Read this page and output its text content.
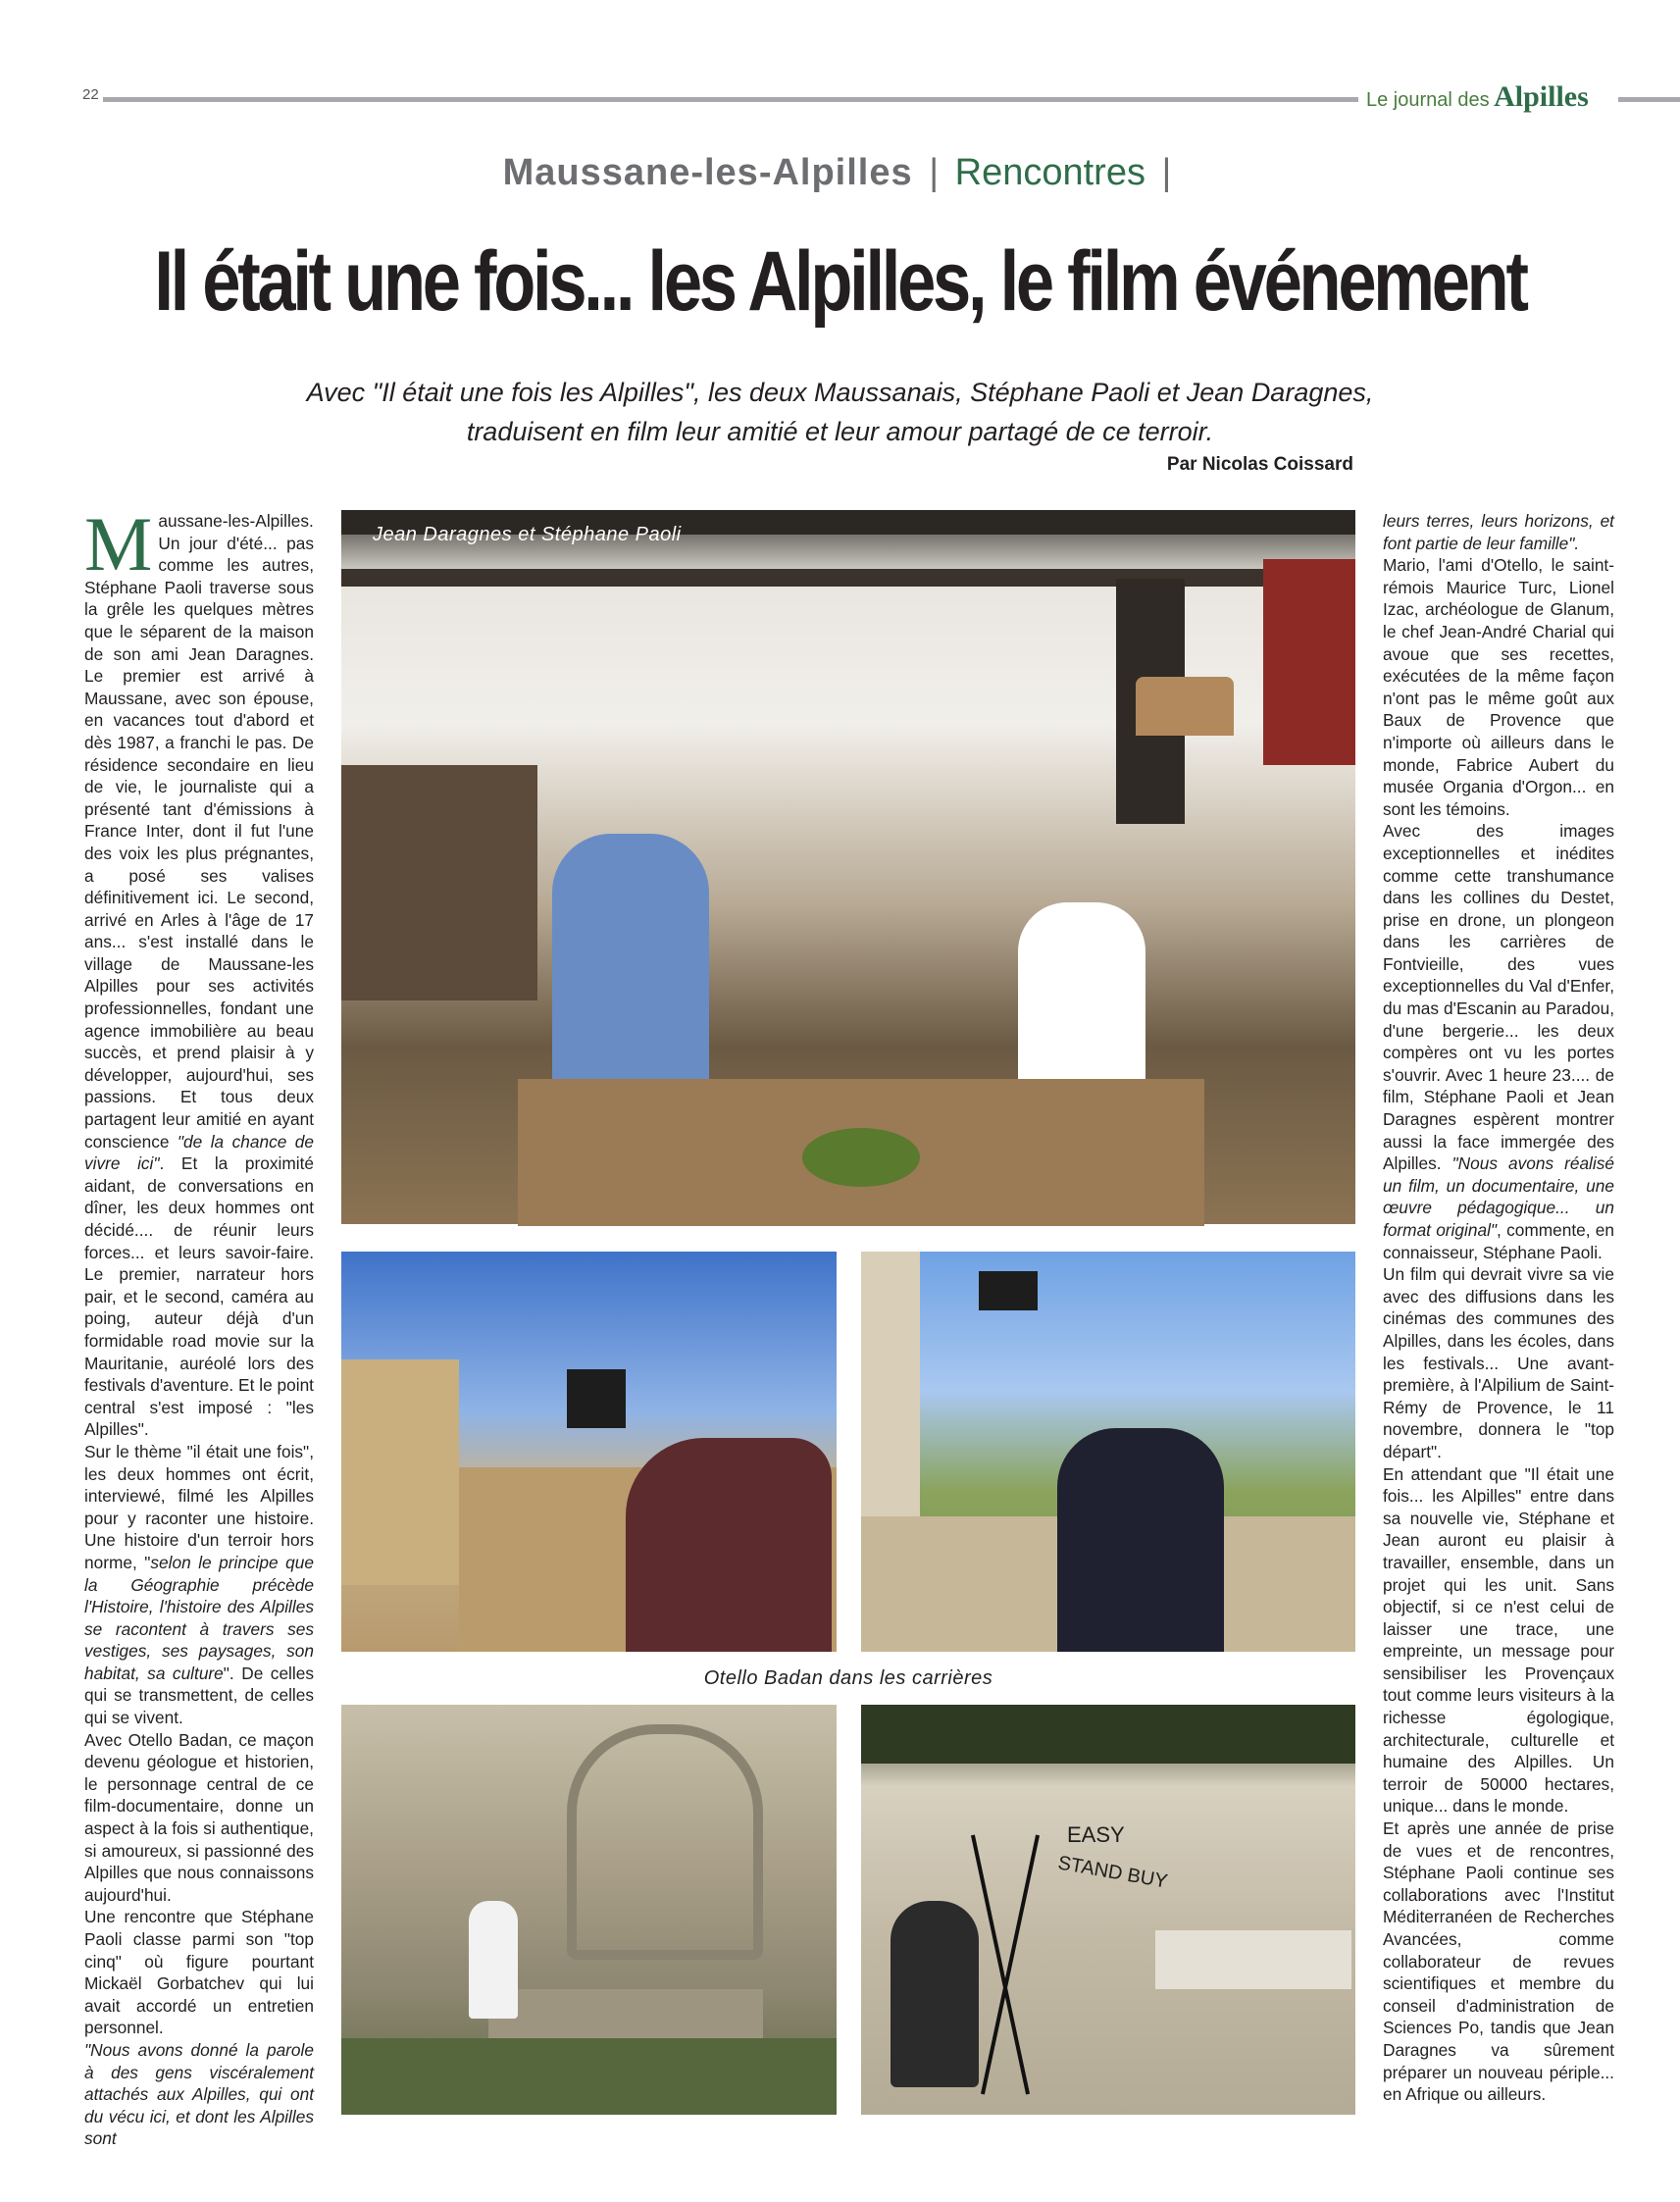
22	Le journal des Alpilles
Maussane-les-Alpilles | Rencontres |
Il était une fois... les Alpilles, le film événement
Avec "Il était une fois les Alpilles", les deux Maussanais, Stéphane Paoli et Jean Daragnes,
traduisent en film leur amitié et leur amour partagé de ce terroir.
Par Nicolas Coissard

Maussane-les-Alpilles. Un jour d'été... pas comme les autres, Stéphane Paoli traverse sous la grêle les quelques mètres que le séparent de la maison de son ami Jean Daragnes. Le premier est arrivé à Maussane, avec son épouse, en vacances tout d'abord et dès 1987, a franchi le pas. De résidence secondaire en lieu de vie, le journaliste qui a présenté tant d'émissions à France Inter, dont il fut l'une des voix les plus prégnantes, a posé ses valises définitivement ici. Le second, arrivé en Arles à l'âge de 17 ans... s'est installé dans le village de Maussane-les Alpilles pour ses activités professionnelles, fondant une agence immobilière au beau succès, et prend plaisir à y développer, aujourd'hui, ses passions. Et tous deux partagent leur amitié en ayant conscience "de la chance de vivre ici". Et la proximité aidant, de conversations en dîner, les deux hommes ont décidé.... de réunir leurs forces... et leurs savoir-faire. Le premier, narrateur hors pair, et le second, caméra au poing, auteur déjà d'un formidable road movie sur la Mauritanie, auréolé lors des festivals d'aventure. Et le point central s'est imposé : "les Alpilles".

Sur le thème "il était une fois", les deux hommes ont écrit, interviewé, filmé les Alpilles pour y raconter une histoire. Une histoire d'un terroir hors norme, "selon le principe que la Géographie précède l'Histoire, l'histoire des Alpilles se racontent à travers ses vestiges, ses paysages, son habitat, sa culture". De celles qui se transmettent, de celles qui se vivent.

Avec Otello Badan, ce maçon devenu géologue et historien, le personnage central de ce film-documentaire, donne un aspect à la fois si authentique, si amoureux, si passionné des Alpilles que nous connaissons aujourd'hui.

Une rencontre que Stéphane Paoli classe parmi son "top cinq" où figure pourtant Mickaël Gorbatchev qui lui avait accordé un entretien personnel.

"Nous avons donné la parole à des gens viscéralement attachés aux Alpilles, qui ont du vécu ici, et dont les Alpilles sont

leurs terres, leurs horizons, et font partie de leur famille".

Mario, l'ami d'Otello, le saint-rémois Maurice Turc, Lionel Izac, archéologue de Glanum, le chef Jean-André Charial qui avoue que ses recettes, exécutées de la même façon n'ont pas le même goût aux Baux de Provence que n'importe où ailleurs dans le monde, Fabrice Aubert du musée Organia d'Orgon... en sont les témoins.

Avec des images exceptionnelles et inédites comme cette transhumance dans les collines du Destet, prise en drone, un plongeon dans les carrières de Fontvieille, des vues exceptionnelles du Val d'Enfer, du mas d'Escanin au Paradou, d'une bergerie... les deux compères ont vu les portes s'ouvrir. Avec 1 heure 23.... de film, Stéphane Paoli et Jean Daragnes espèrent montrer aussi la face immergée des Alpilles. "Nous avons réalisé un film, un documentaire, une œuvre pédagogique... un format original", commente, en connaisseur, Stéphane Paoli.

Un film qui devrait vivre sa vie avec des diffusions dans les cinémas des communes des Alpilles, dans les écoles, dans les festivals... Une avant-première, à l'Alpilium de Saint-Rémy de Provence, le 11 novembre, donnera le "top départ".

En attendant que "Il était une fois... les Alpilles" entre dans sa nouvelle vie, Stéphane et Jean auront eu plaisir à travailler, ensemble, dans un projet qui les unit. Sans objectif, si ce n'est celui de laisser une trace, une empreinte, un message pour sensibiliser les Provençaux tout comme leurs visiteurs à la richesse égologique, architecturale, culturelle et humaine des Alpilles. Un terroir de 50000 hectares, unique... dans le monde.

Et après une année de prise de vues et de rencontres, Stéphane Paoli continue ses collaborations avec l'Institut Méditerranéen de Recherches Avancées, comme collaborateur de revues scientifiques et membre du conseil d'administration de Sciences Po, tandis que Jean Daragnes va sûrement préparer un nouveau périple... en Afrique ou ailleurs.

Jean Daragnes et Stéphane Paoli
Otello Badan dans les carrières
EASY
STAND BUY
